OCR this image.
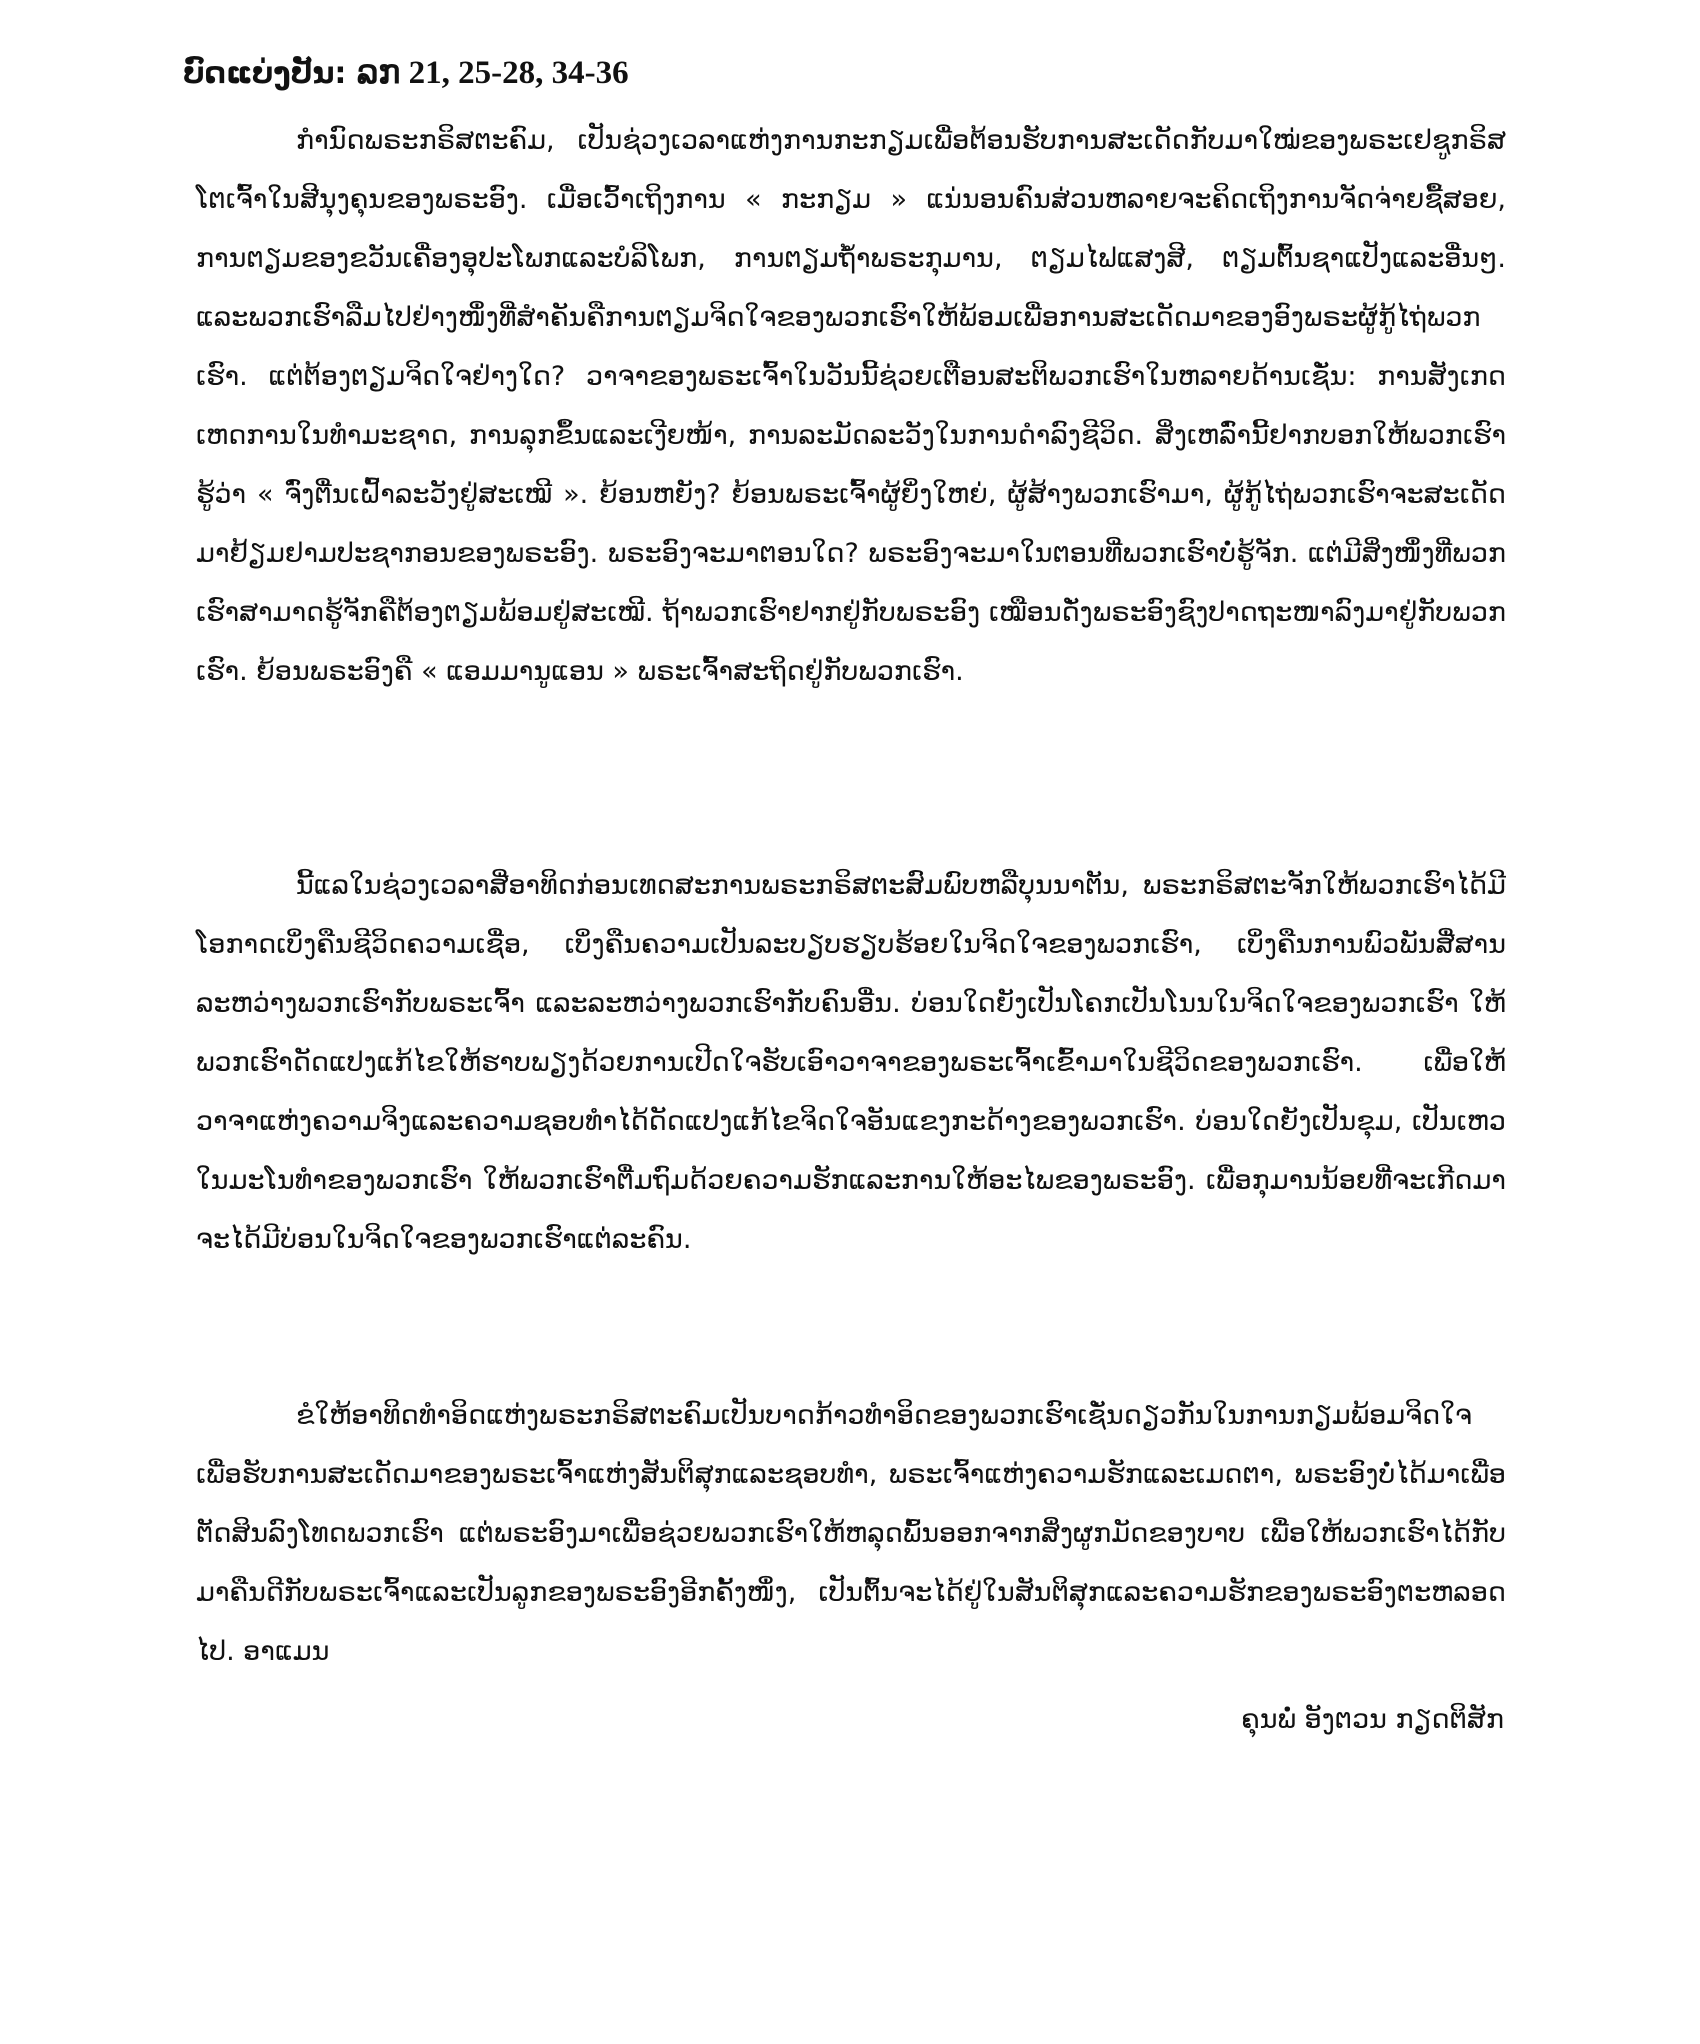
ບົດແບ່ງປັນ: ລກ 21, 25-28, 34-36

ກຳນົດພຣະກຣິສຕະຄົມ, ເປັນຊ່ວງເວລາແຫ່ງການກະກຽມເພື່ອຕ້ອນຮັບການສະເດັດກັບມາໃໝ່ຂອງພຣະເຢຊູກຣິສໂຕເຈົ້າໃນສີນຸງຄຸນຂອງພຣະອົງ. ເມື່ອເວົ້າເຖິງການ « ກະກຽມ » ແນ່ນອນຄົນສ່ວນຫລາຍຈະຄິດເຖິງການຈັດຈ່າຍຊື້ສອຍ, ການຕຽມຂອງຂວັນເຄື່ອງອຸປະໂພກແລະບໍລິໂພກ, ການຕຽມຖ້ຳພຣະກຸມານ, ຕຽມໄຟແສງສີ, ຕຽມຕົ້ນຊາແປັງແລະອື່ນໆ. ແລະພວກເຮົາລືມໄປຢ່າງໜຶ່ງທີ່ສຳຄັນຄືການຕຽມຈິດໃຈຂອງພວກເຮົາໃຫ້ພ້ອມເພື່ອການສະເດັດມາຂອງອົງພຣະຜູ້ກູ້ໄຖ່ພວກເຮົາ. ແຕ່ຕ້ອງຕຽມຈິດໃຈຢ່າງໃດ? ວາຈາຂອງພຣະເຈົ້າໃນວັນນີ້ຊ່ວຍເຕືອນສະຕິພວກເຮົາໃນຫລາຍດ້ານເຊັ່ນ: ການສັງເກດເຫດການໃນທຳມະຊາດ, ການລຸກຂຶ້ນແລະເງີຍໜ້າ, ການລະມັດລະວັງໃນການດຳລົງຊີວິດ. ສິ່ງເຫລົ່ານີ້ຢາກບອກໃຫ້ພວກເຮົາຮູ້ວ່າ « ຈົ່ງຕື່ນເຝົ້າລະວັງຢູ່ສະເໝີ ». ຍ້ອນຫຍັງ? ຍ້ອນພຣະເຈົ້າຜູ້ຍິ່ງໃຫຍ່, ຜູ້ສ້າງພວກເຮົາມາ, ຜູ້ກູ້ໄຖ່ພວກເຮົາຈະສະເດັດມາຢ້ຽມຢາມປະຊາກອນຂອງພຣະອົງ. ພຣະອົງຈະມາຕອນໃດ? ພຣະອົງຈະມາໃນຕອນທີ່ພວກເຮົາບໍ່ຮູ້ຈັກ. ແຕ່ມີສິ່ງໜຶ່ງທີ່ພວກເຮົາສາມາດຮູ້ຈັກຄືຕ້ອງຕຽມພ້ອມຢູ່ສະເໝີ. ຖ້າພວກເຮົາຢາກຢູ່ກັບພຣະອົງ ເໝືອນດັ່ງພຣະອົງຊົງປາດຖະໜາລົງມາຢູ່ກັບພວກເຮົາ. ຍ້ອນພຣະອົງຄື « ແອມມານູແອນ » ພຣະເຈົ້າສະຖິດຢູ່ກັບພວກເຮົາ.

ນີ້ແລໃນຊ່ວງເວລາສີ່ອາທິດກ່ອນເທດສະການພຣະກຣິສຕະສົມພົບຫລືບຸນນາຕັນ, ພຣະກຣິສຕະຈັກໃຫ້ພວກເຮົາໄດ້ມີໂອກາດເບິ່ງຄືນຊີວິດຄວາມເຊື່ອ, ເບິ່ງຄືນຄວາມເປັນລະບຽບຮຽບຮ້ອຍໃນຈິດໃຈຂອງພວກເຮົາ, ເບິ່ງຄືນການພົວພັນສື່ສານລະຫວ່າງພວກເຮົາກັບພຣະເຈົ້າ ແລະລະຫວ່າງພວກເຮົາກັບຄົນອື່ນ. ບ່ອນໃດຍັງເປັນໂຄກເປັນໂນນໃນຈິດໃຈຂອງພວກເຮົາ ໃຫ້ພວກເຮົາດັດແປງແກ້ໄຂໃຫ້ຮາບພຽງດ້ວຍການເປີດໃຈຮັບເອົາວາຈາຂອງພຣະເຈົ້າເຂົ້າມາໃນຊີວິດຂອງພວກເຮົາ. ເພື່ອໃຫ້ວາຈາແຫ່ງຄວາມຈິງແລະຄວາມຊອບທຳໄດ້ດັດແປງແກ້ໄຂຈິດໃຈອັນແຂງກະດ້າງຂອງພວກເຮົາ. ບ່ອນໃດຍັງເປັນຂຸມ, ເປັນເຫວໃນມະໂນທຳຂອງພວກເຮົາ ໃຫ້ພວກເຮົາຕື່ມຖົມດ້ວຍຄວາມຮັກແລະການໃຫ້ອະໄພຂອງພຣະອົງ. ເພື່ອກຸມານນ້ອຍທີ່ຈະເກີດມາຈະໄດ້ມີບ່ອນໃນຈິດໃຈຂອງພວກເຮົາແຕ່ລະຄົນ.

ຂໍໃຫ້ອາທິດທຳອິດແຫ່ງພຣະກຣິສຕະຄົມເປັນບາດກ້າວທຳອິດຂອງພວກເຮົາເຊັ່ນດຽວກັນໃນການກຽມພ້ອມຈິດໃຈເພື່ອຮັບການສະເດັດມາຂອງພຣະເຈົ້າແຫ່ງສັນຕິສຸກແລະຊອບທຳ, ພຣະເຈົ້າແຫ່ງຄວາມຮັກແລະເມດຕາ, ພຣະອົງບໍ່ໄດ້ມາເພື່ອຕັດສິນລົງໂທດພວກເຮົາ ແຕ່ພຣະອົງມາເພື່ອຊ່ວຍພວກເຮົາໃຫ້ຫລຸດພົ້ນອອກຈາກສິ່ງຜູກມັດຂອງບາບ ເພື່ອໃຫ້ພວກເຮົາໄດ້ກັບມາຄືນດີກັບພຣະເຈົ້າແລະເປັນລູກຂອງພຣະອົງອີກຄັ້ງໜຶ່ງ, ເປັນຕົ້ນຈະໄດ້ຢູ່ໃນສັນຕິສຸກແລະຄວາມຮັກຂອງພຣະອົງຕະຫລອດໄປ. ອາແມນ

ຄຸນພໍ່ ອັງຕວນ ກຽດຕິສັກ
